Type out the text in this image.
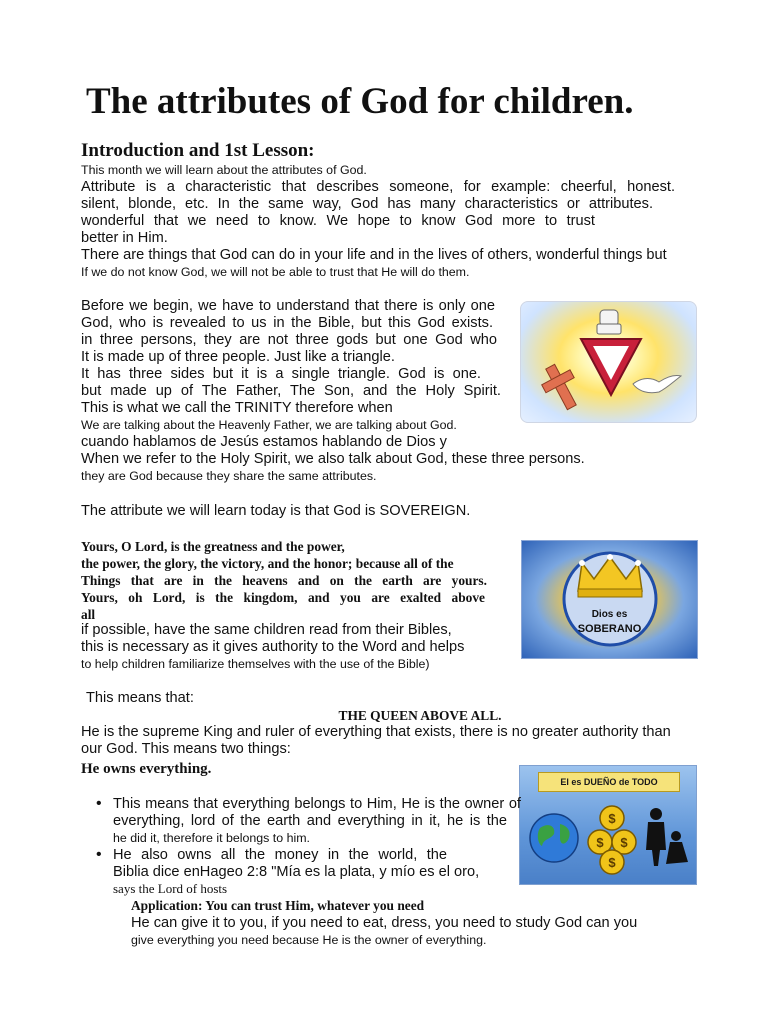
The attributes of God for children.
Introduction and 1st Lesson:
This month we will learn about the attributes of God.
Attribute is a characteristic that describes someone, for example: cheerful, honest.
silent, blonde, etc. In the same way, God has many characteristics or attributes.
wonderful that we need to know. We hope to know God more to trust
better in Him.
There are things that God can do in your life and in the lives of others, wonderful things but
If we do not know God, we will not be able to trust that He will do them.
Before we begin, we have to understand that there is only one
God, who is revealed to us in the Bible, but this God exists.
in three persons, they are not three gods but one God who
It is made up of three people. Just like a triangle.
It has three sides but it is a single triangle. God is one.
but made up of The Father, The Son, and the Holy Spirit.
This is what we call the TRINITY therefore when
We are talking about the Heavenly Father, we are talking about God.
cuando hablamos de Jesús estamos hablando de Dios y
When we refer to the Holy Spirit, we also talk about God, these three persons.
they are God because they share the same attributes.
The attribute we will learn today is that God is SOVEREIGN.
Yours, O Lord, is the greatness and the power,
the power, the glory, the victory, and the honor; because all of the
Things that are in the heavens and on the earth are yours.
Yours, oh Lord, is the kingdom, and you are exalted above
all
if possible, have the same children read from their Bibles,
this is necessary as it gives authority to the Word and helps
to help children familiarize themselves with the use of the Bible)
Dios es
SOBERANO
This means that:
THE QUEEN ABOVE ALL.
He is the supreme King and ruler of everything that exists, there is no greater authority than
our God. This means two things:
He owns everything.
El es DUEÑO de TODO
$
$ $
$
• This means that everything belongs to Him, He is the owner of
everything, lord of the earth and everything in it, he is the
he did it, therefore it belongs to him.
• He also owns all the money in the world, the
Biblia dice enHageo 2:8 "Mía es la plata, y mío es el oro,
says the Lord of hosts
Application: You can trust Him, whatever you need
He can give it to you, if you need to eat, dress, you need to study God can you
give everything you need because He is the owner of everything.
